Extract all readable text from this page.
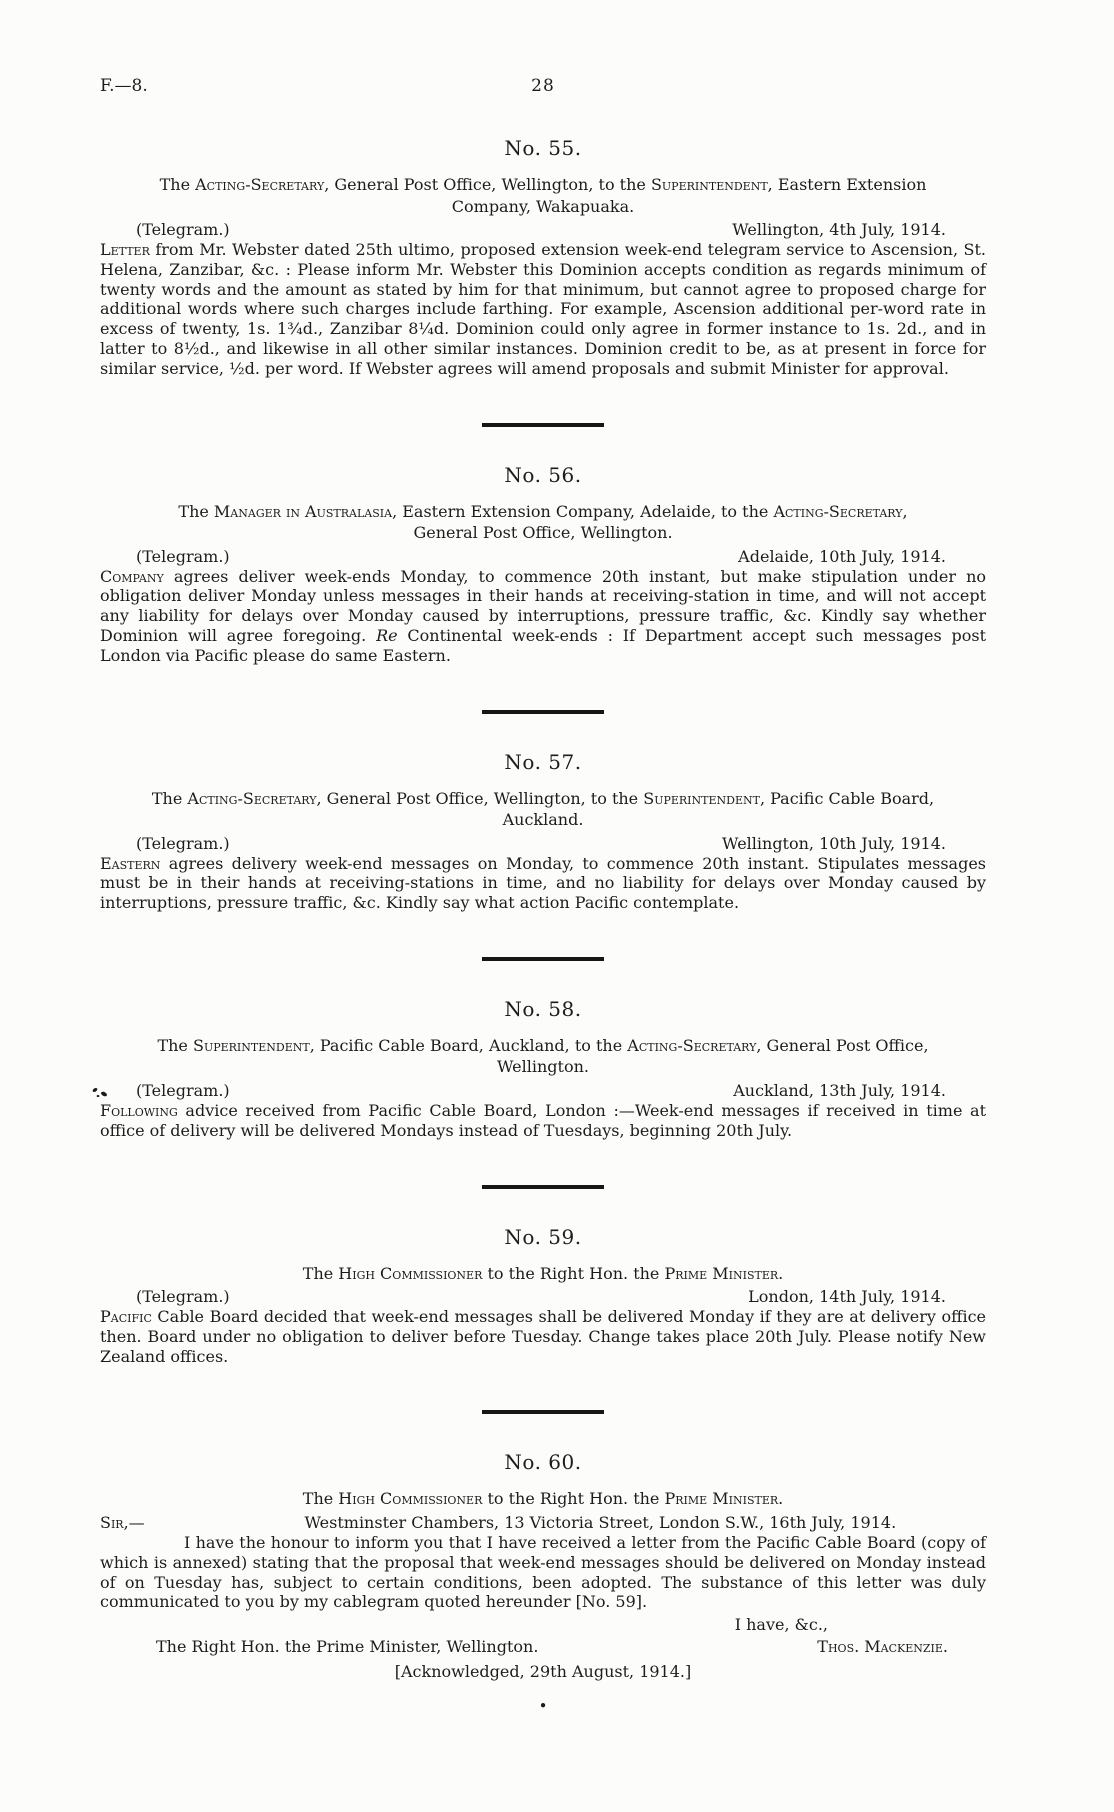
F.—8.	28
No. 55.
The Acting-Secretary, General Post Office, Wellington, to the Superintendent, Eastern Extension
Company, Wakapuaka.
(Telegram.)	Wellington, 4th July, 1914.

Letter from Mr. Webster dated 25th ultimo, proposed extension week-end telegram service to Ascension, St. Helena, Zanzibar, &c. : Please inform Mr. Webster this Dominion accepts condition as regards minimum of twenty words and the amount as stated by him for that minimum, but cannot agree to proposed charge for additional words where such charges include farthing. For example, Ascension additional per-word rate in excess of twenty, 1s. 1¾d., Zanzibar 8¼d. Dominion could only agree in former instance to 1s. 2d., and in latter to 8½d., and likewise in all other similar instances. Dominion credit to be, as at present in force for similar service, ½d. per word. If Webster agrees will amend proposals and submit Minister for approval.

No. 56.
The Manager in Australasia, Eastern Extension Company, Adelaide, to the Acting-Secretary,
General Post Office, Wellington.
(Telegram.)	Adelaide, 10th July, 1914.

Company agrees deliver week-ends Monday, to commence 20th instant, but make stipulation under no obligation deliver Monday unless messages in their hands at receiving-station in time, and will not accept any liability for delays over Monday caused by interruptions, pressure traffic, &c. Kindly say whether Dominion will agree foregoing. Re Continental week-ends : If Department accept such messages post London via Pacific please do same Eastern.

No. 57.
The Acting-Secretary, General Post Office, Wellington, to the Superintendent, Pacific Cable Board,
Auckland.
(Telegram.)	Wellington, 10th July, 1914.

Eastern agrees delivery week-end messages on Monday, to commence 20th instant. Stipulates messages must be in their hands at receiving-stations in time, and no liability for delays over Monday caused by interruptions, pressure traffic, &c. Kindly say what action Pacific contemplate.

No. 58.
The Superintendent, Pacific Cable Board, Auckland, to the Acting-Secretary, General Post Office,
Wellington.
(Telegram.)	Auckland, 13th July, 1914.

Following advice received from Pacific Cable Board, London :—Week-end messages if received in time at office of delivery will be delivered Mondays instead of Tuesdays, beginning 20th July.

No. 59.
The High Commissioner to the Right Hon. the Prime Minister.
(Telegram.)	London, 14th July, 1914.

Pacific Cable Board decided that week-end messages shall be delivered Monday if they are at delivery office then. Board under no obligation to deliver before Tuesday. Change takes place 20th July. Please notify New Zealand offices.

No. 60.
The High Commissioner to the Right Hon. the Prime Minister.
Sir,—	Westminster Chambers, 13 Victoria Street, London S.W., 16th July, 1914.

I have the honour to inform you that I have received a letter from the Pacific Cable Board (copy of which is annexed) stating that the proposal that week-end messages should be delivered on Monday instead of on Tuesday has, subject to certain conditions, been adopted. The substance of this letter was duly communicated to you by my cablegram quoted hereunder [No. 59].

I have, &c.,
The Right Hon. the Prime Minister, Wellington.	Thos. Mackenzie.
[Acknowledged, 29th August, 1914.]
•
